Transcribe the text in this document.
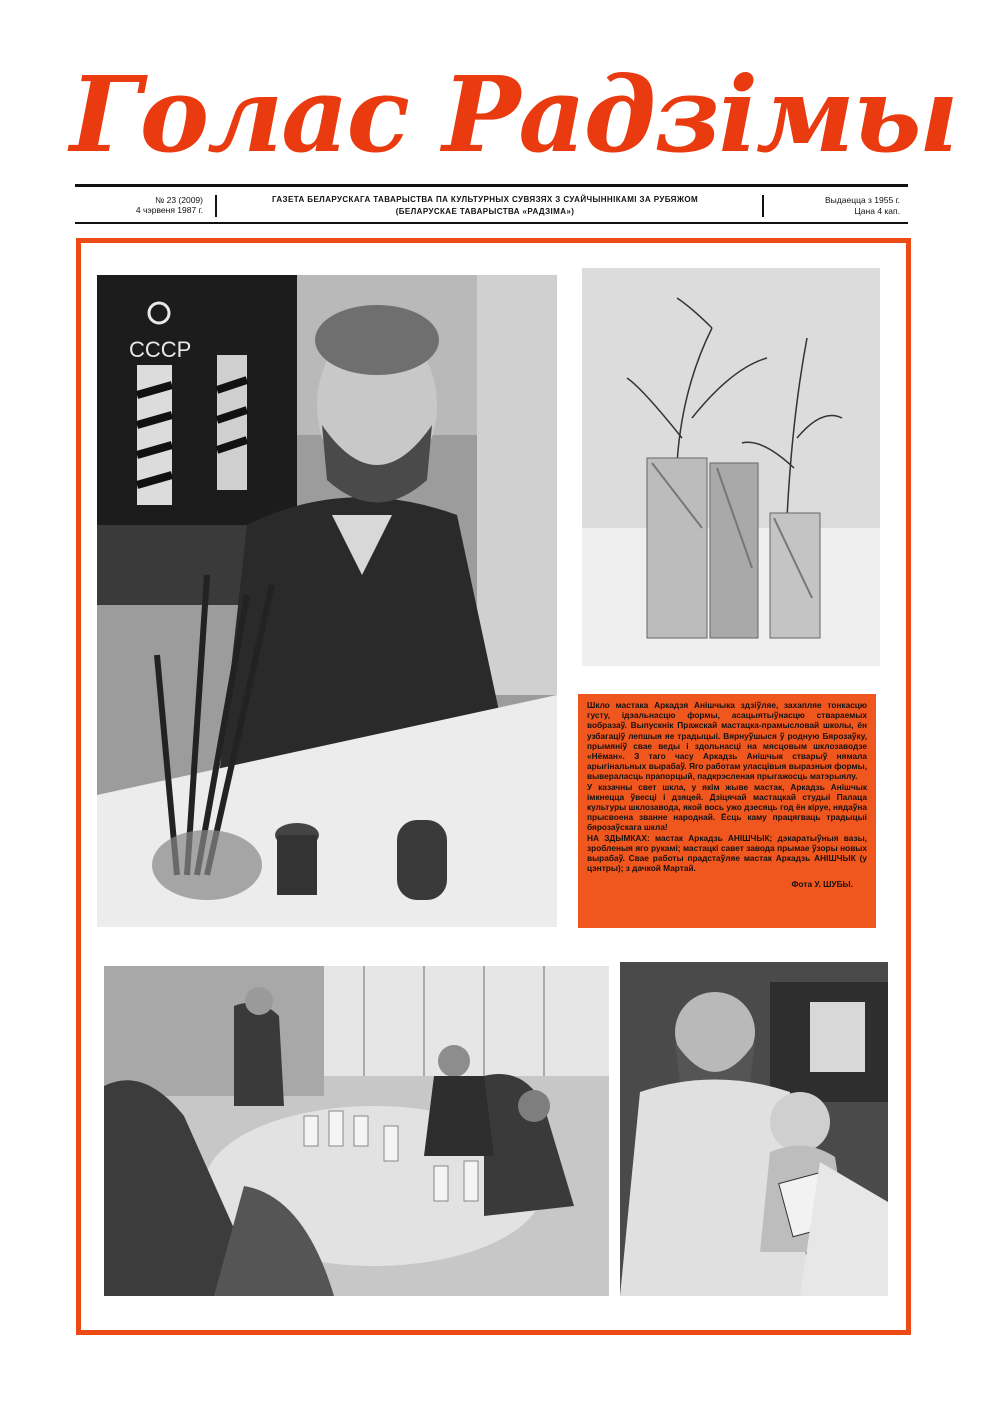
Голас Радзімы
№ 23 (2009)
4 чэрвеня 1987 г.
ГАЗЕТА БЕЛАРУСКАГА ТАВАРЫСТВА ПА КУЛЬТУРНЫХ СУВЯЗЯХ З СУАЙЧЫННІКАМІ ЗА РУБЯЖОМ
(БЕЛАРУСКАЕ ТАВАРЫСТВА «РАДЗІМА»)
Выдаецца з 1955 г.
Цана 4 кап.
СССР

Шкло мастака Аркадзя Анішчыка здзіўляе, захапляе тонкасцю густу, ідэальнасцю формы, асацыятыўнасцю ствараемых вобразаў. Выпускнік Пражскай мастацка-прамысловай школы, ён узбагаціў лепшыя яе традыцыі. Вярнуўшыся ў родную Бярозаўку, прымяніў свае веды і здольнасці на мясцовым шклозаводзе «Нёман». З таго часу Аркадзь Анішчык стварыў нямала арыгінальных вырабаў. Яго работам уласцівыя выразныя формы, вывераласць прапорцый, падкрэсленая прыгажосць матэрыялу.

У казачны свет шкла, у якім жыве мастак, Аркадзь Анішчык імкнецца ўвесці і дзяцей. Дзіцячай мастацкай студыі Палаца культуры шклозавода, якой вось ужо дзесяць год ён кіруе, нядаўна прысвоена званне народнай. Ёсць каму працягваць традыцыі бярозаўскага шкла!

НА ЗДЫМКАХ: мастак Аркадзь АНІШЧЫК; дэкаратыўныя вазы, зробленыя яго рукамі; мастацкі савет завода прымае ўзоры новых вырабаў. Свае работы прадстаўляе мастак Аркадзь АНІШЧЫК (у цэнтры); з дачкой Мартай.

Фота У. ШУБЫ.
